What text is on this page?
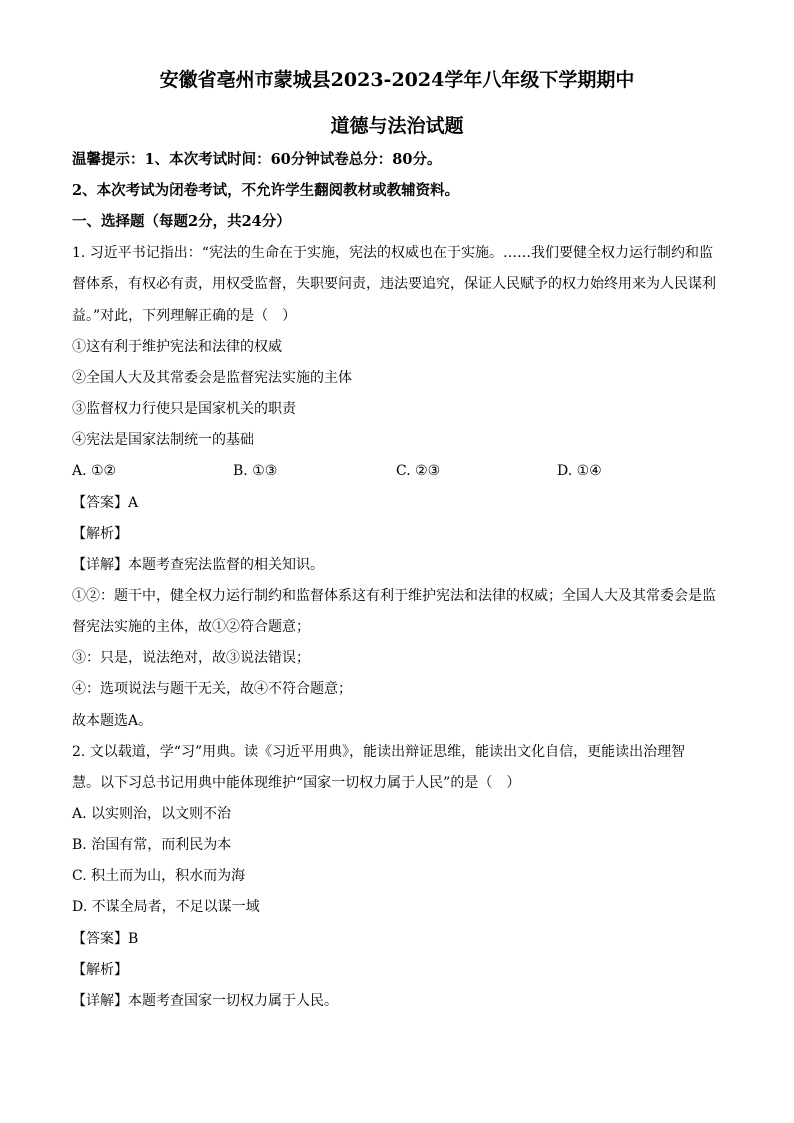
安徽省亳州市蒙城县2023-2024学年八年级下学期期中
道德与法治试题
温馨提示：1、本次考试时间：60分钟试卷总分：80分。
2、本次考试为闭卷考试，不允许学生翻阅教材或教辅资料。
一、选择题（每题2分，共24分）
1. 习近平书记指出：“宪法的生命在于实施，宪法的权威也在于实施。……我们要健全权力运行制约和监
督体系，有权必有责，用权受监督，失职要问责，违法要追究，保证人民赋予的权力始终用来为人民谋利
益。”对此，下列理解正确的是（　）
①这有利于维护宪法和法律的权威
②全国人大及其常委会是监督宪法实施的主体
③监督权力行使只是国家机关的职责
④宪法是国家法制统一的基础
A. ①②	B. ①③	C. ②③	D. ①④
【答案】A
【解析】
【详解】本题考查宪法监督的相关知识。
①②：题干中，健全权力运行制约和监督体系这有利于维护宪法和法律的权威；全国人大及其常委会是监
督宪法实施的主体，故①②符合题意；
③：只是，说法绝对，故③说法错误；
④：选项说法与题干无关，故④不符合题意；
故本题选A。
2. 文以载道，学“习”用典。读《习近平用典》，能读出辩证思维，能读出文化自信，更能读出治理智
慧。以下习总书记用典中能体现维护“国家一切权力属于人民”的是（　）
A. 以实则治，以文则不治
B. 治国有常，而利民为本
C. 积土而为山，积水而为海
D. 不谋全局者，不足以谋一域
【答案】B
【解析】
【详解】本题考查国家一切权力属于人民。
